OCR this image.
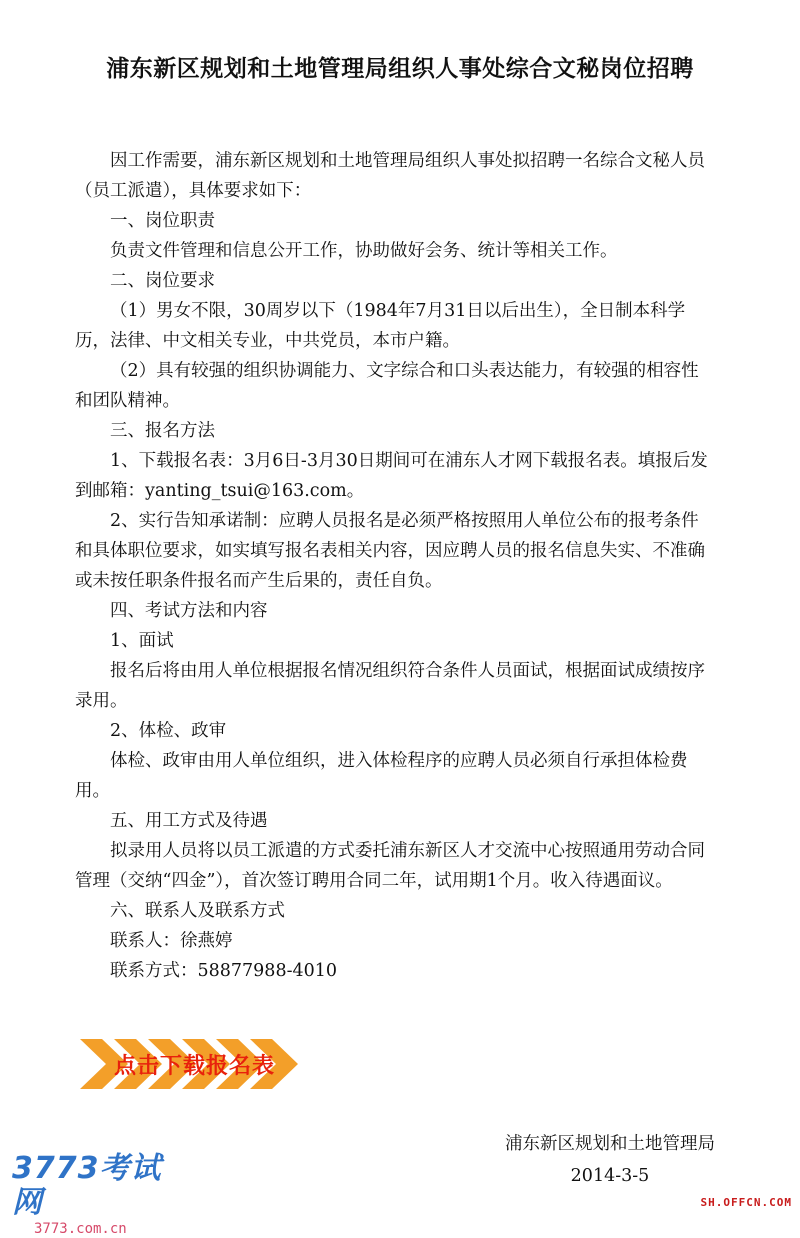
浦东新区规划和土地管理局组织人事处综合文秘岗位招聘

因工作需要，浦东新区规划和土地管理局组织人事处拟招聘一名综合文秘人员（员工派遣），具体要求如下：

一、岗位职责

负责文件管理和信息公开工作，协助做好会务、统计等相关工作。

二、岗位要求

（1）男女不限，30周岁以下（1984年7月31日以后出生），全日制本科学历，法律、中文相关专业，中共党员，本市户籍。

（2）具有较强的组织协调能力、文字综合和口头表达能力，有较强的相容性和团队精神。

三、报名方法

1、下载报名表：3月6日-3月30日期间可在浦东人才网下载报名表。填报后发到邮箱：yanting_tsui@163.com。

2、实行告知承诺制：应聘人员报名是必须严格按照用人单位公布的报考条件和具体职位要求，如实填写报名表相关内容，因应聘人员的报名信息失实、不准确或未按任职条件报名而产生后果的，责任自负。

四、考试方法和内容

1、面试

报名后将由用人单位根据报名情况组织符合条件人员面试，根据面试成绩按序录用。

2、体检、政审

体检、政审由用人单位组织，进入体检程序的应聘人员必须自行承担体检费用。

五、用工方式及待遇

拟录用人员将以员工派遣的方式委托浦东新区人才交流中心按照通用劳动合同管理（交纳“四金”），首次签订聘用合同二年，试用期1个月。收入待遇面议。

六、联系人及联系方式

联系人：徐燕婷

联系方式：58877988-4010

点击下载报名表
浦东新区规划和土地管理局
2014-3-5
3773考试网
3773.com.cn
SH.OFFCN.COM
